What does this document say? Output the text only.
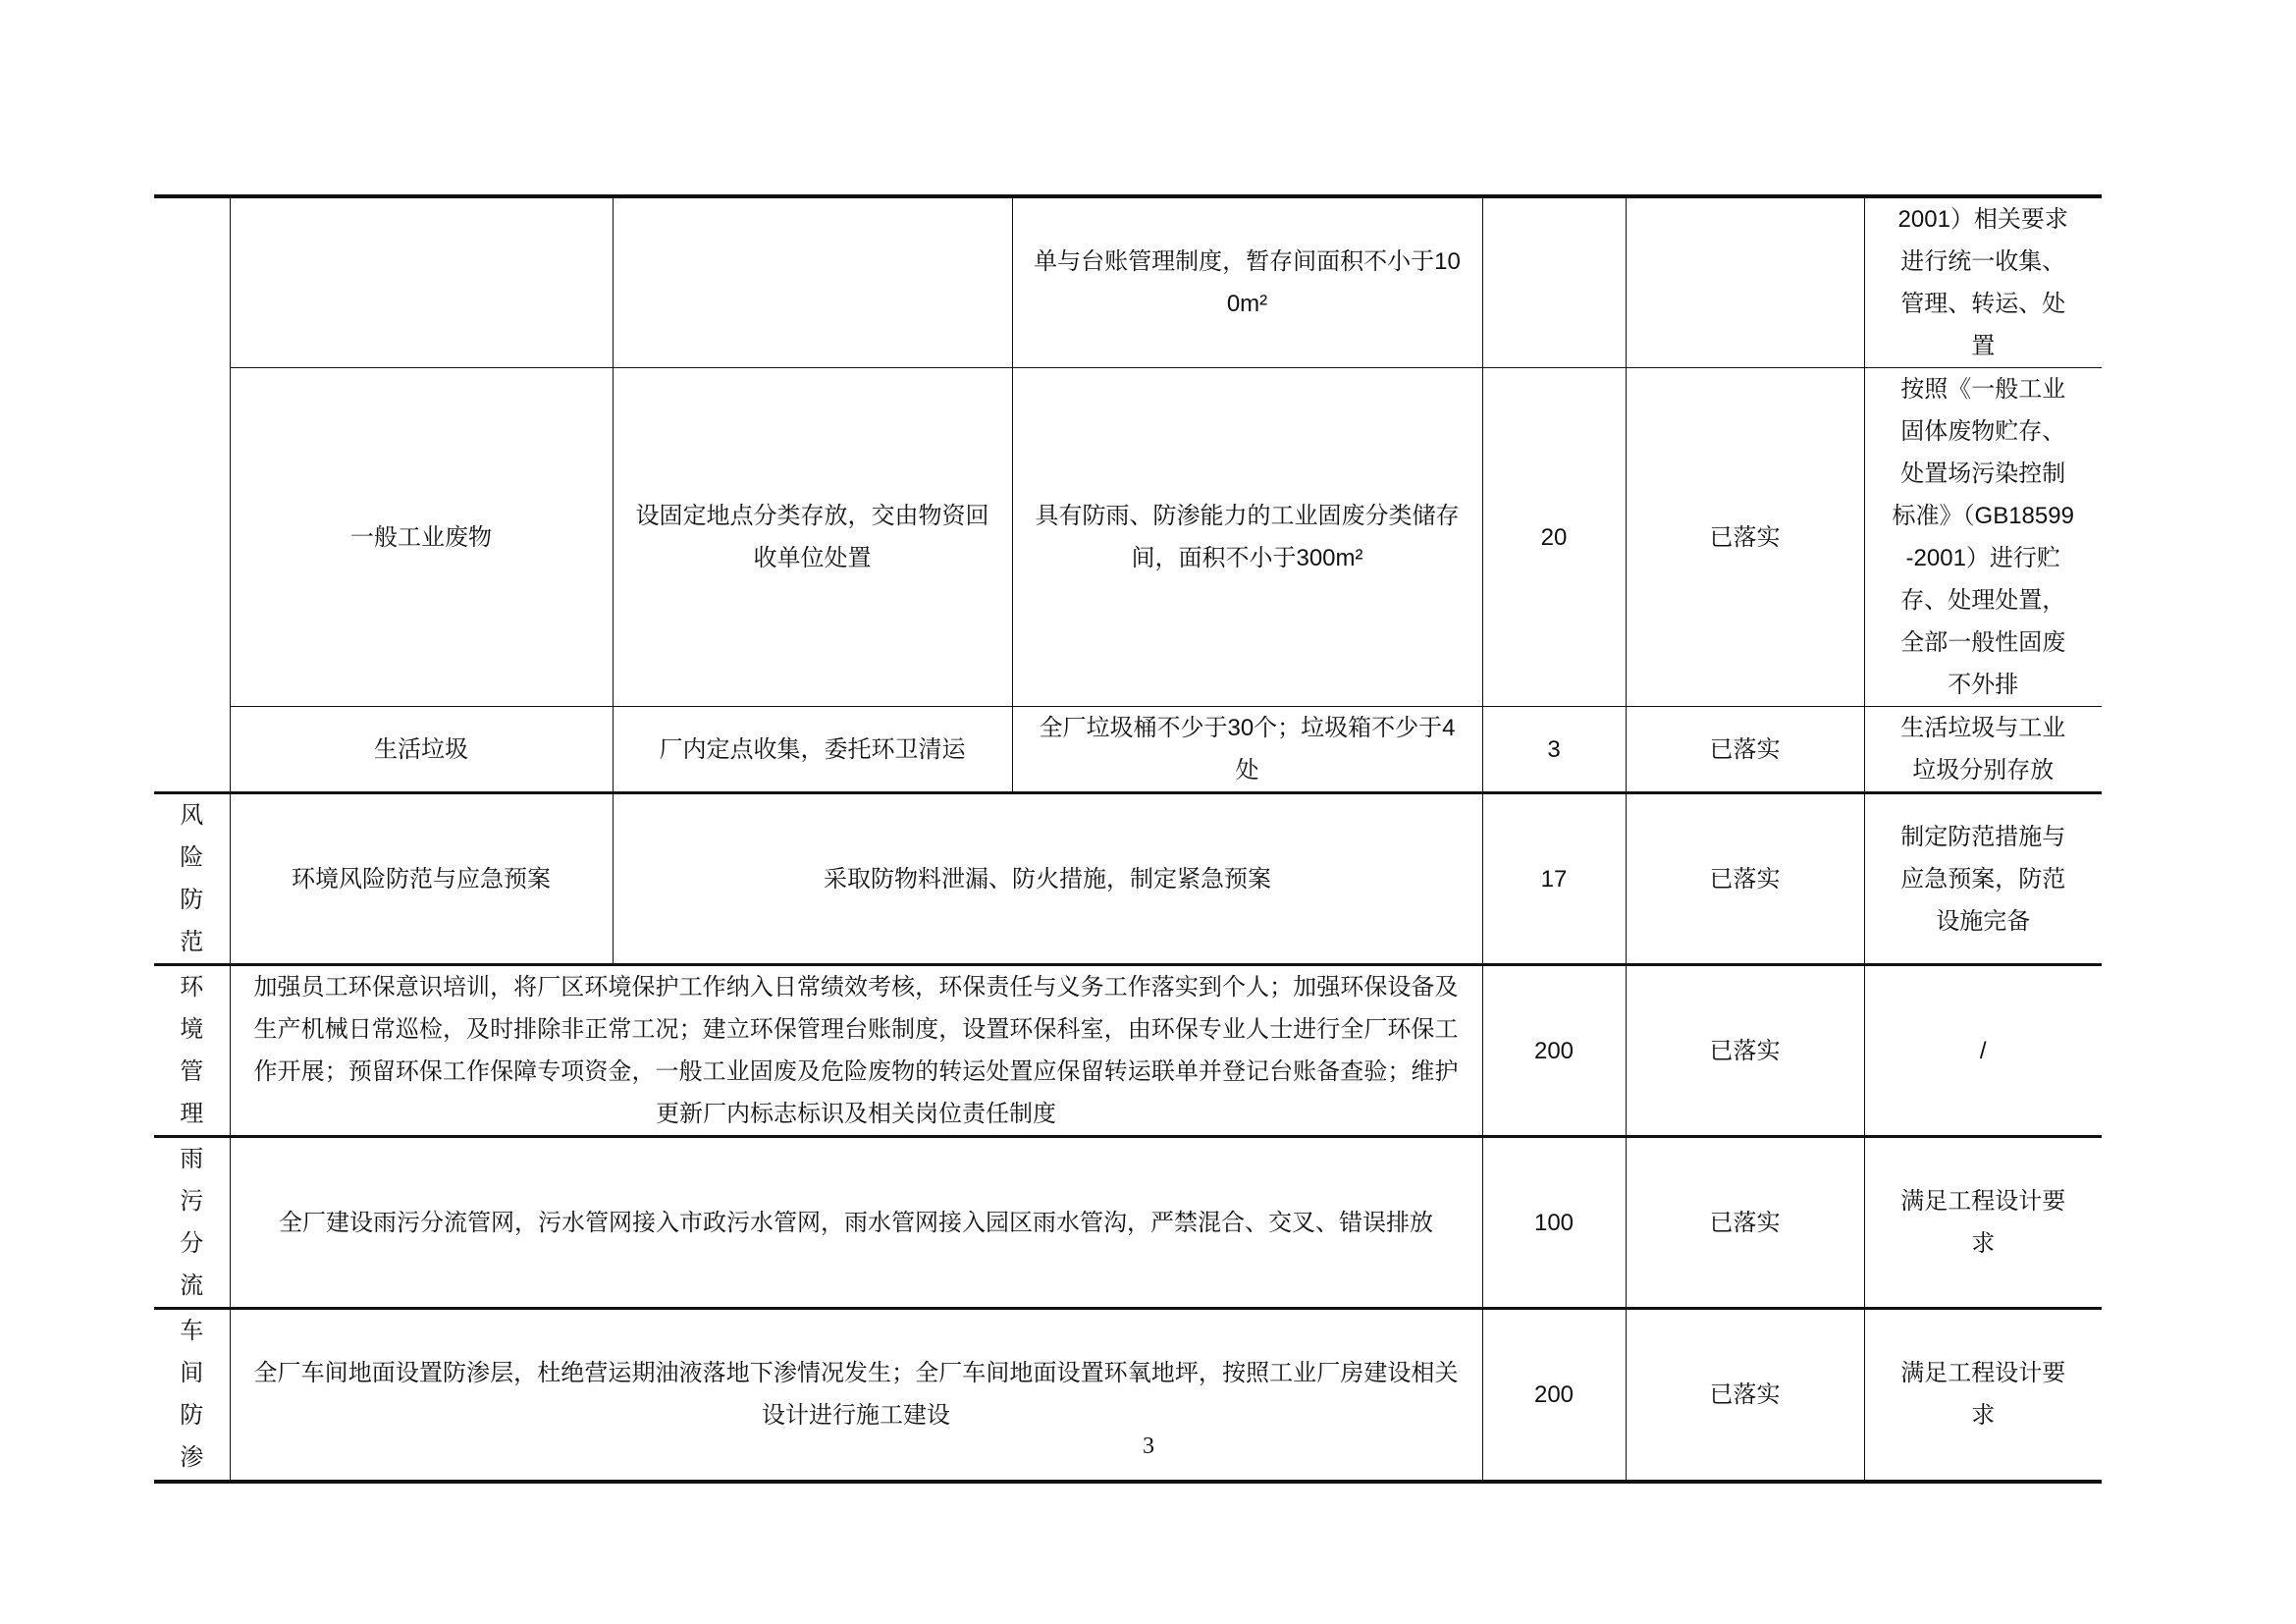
			单与台账管理制度，暂存间面积不小于100m²			2001）相关要求进行统一收集、管理、转运、处置
	一般工业废物	设固定地点分类存放，交由物资回收单位处置	具有防雨、防渗能力的工业固废分类储存间，面积不小于300m²	20	已落实	按照《一般工业固体废物贮存、处置场污染控制标准》（GB18599-2001）进行贮存、处理处置，全部一般性固废不外排
	生活垃圾	厂内定点收集，委托环卫清运	全厂垃圾桶不少于30个；垃圾箱不少于4处	3	已落实	生活垃圾与工业垃圾分别存放

风险防范	环境风险防范与应急预案	采取防物料泄漏、防火措施，制定紧急预案		17	已落实	制定防范措施与应急预案，防范设施完备

环境管理	加强员工环保意识培训，将厂区环境保护工作纳入日常绩效考核，环保责任与义务工作落实到个人；加强环保设备及生产机械日常巡检，及时排除非正常工况；建立环保管理台账制度，设置环保科室，由环保专业人士进行全厂环保工作开展；预留环保工作保障专项资金，一般工业固废及危险废物的转运处置应保留转运联单并登记台账备查验；维护更新厂内标志标识及相关岗位责任制度			200	已落实	/

雨污分流	全厂建设雨污分流管网，污水管网接入市政污水管网，雨水管网接入园区雨水管沟，严禁混合、交叉、错误排放			100	已落实	满足工程设计要求

车间防渗	全厂车间地面设置防渗层，杜绝营运期油液落地下渗情况发生；全厂车间地面设置环氧地坪，按照工业厂房建设相关设计进行施工建设			200	已落实	满足工程设计要求
3
